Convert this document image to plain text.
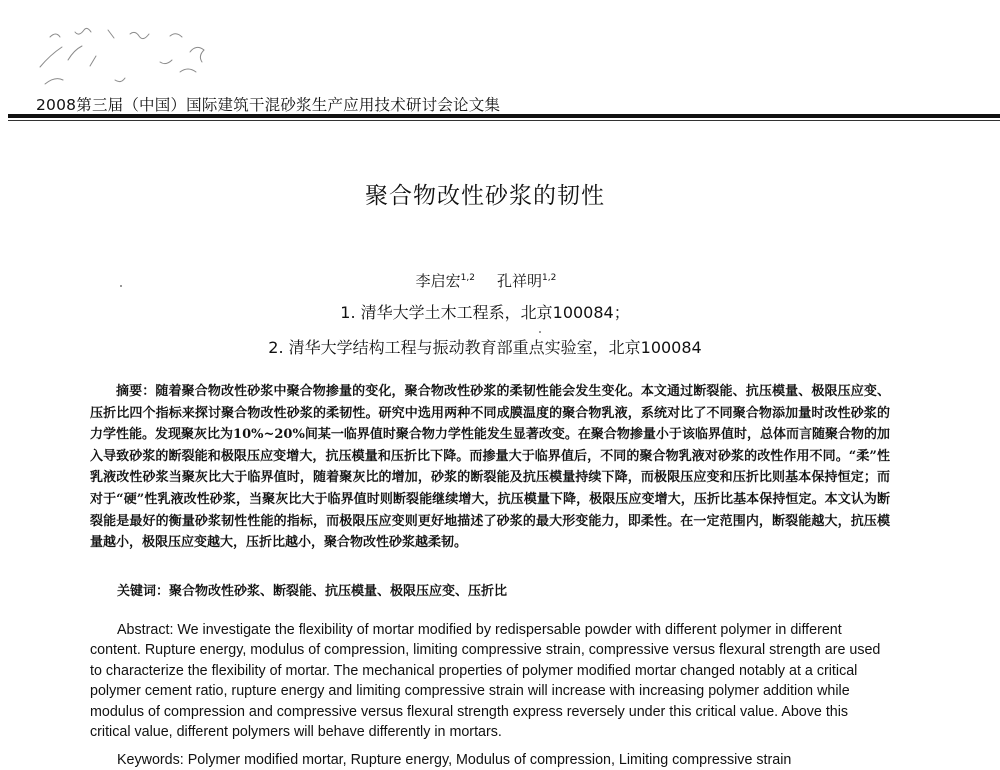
2008第三届（中国）国际建筑干混砂浆生产应用技术研讨会论文集
聚合物改性砂浆的韧性
李启宏$^{1,2}$ 孔祥明$^{1,2}$
1. 清华大学土木工程系，北京100084；
2. 清华大学结构工程与振动教育部重点实验室，北京100084
摘要：随着聚合物改性砂浆中聚合物掺量的变化，聚合物改性砂浆的柔韧性能会发生变化。本文通过断裂能、抗压模量、极限压应变、压折比四个指标来探讨聚合物改性砂浆的柔韧性。研究中选用两种不同成膜温度的聚合物乳液，系统对比了不同聚合物添加量时改性砂浆的力学性能。发现聚灰比为10%~20%间某一临界值时聚合物力学性能发生显著改变。在聚合物掺量小于该临界值时，总体而言随聚合物的加入导致砂浆的断裂能和极限压应变增大，抗压模量和压折比下降。而掺量大于临界值后，不同的聚合物乳液对砂浆的改性作用不同。“柔”性乳液改性砂浆当聚灰比大于临界值时，随着聚灰比的增加，砂浆的断裂能及抗压模量持续下降，而极限压应变和压折比则基本保持恒定；而对于“硬”性乳液改性砂浆，当聚灰比大于临界值时则断裂能继续增大，抗压模量下降，极限压应变增大，压折比基本保持恒定。本文认为断裂能是最好的衡量砂浆韧性性能的指标，而极限压应变则更好地描述了砂浆的最大形变能力，即柔性。在一定范围内，断裂能越大，抗压模量越小，极限压应变越大，压折比越小，聚合物改性砂浆越柔韧。
关键词：聚合物改性砂浆、断裂能、抗压模量、极限压应变、压折比
Abstract: We investigate the flexibility of mortar modified by redispersable powder with different polymer in different content. Rupture energy, modulus of compression, limiting compressive strain, compressive versus flexural strength are used to characterize the flexibility of mortar. The mechanical properties of polymer modified mortar changed notably at a critical polymer cement ratio, rupture energy and limiting compressive strain will increase with increasing polymer addition while modulus of compression and compressive versus flexural strength express reversely under this critical value. Above this critical value, different polymers will behave differently in mortars.
Keywords: Polymer modified mortar, Rupture energy, Modulus of compression, Limiting compressive strain
